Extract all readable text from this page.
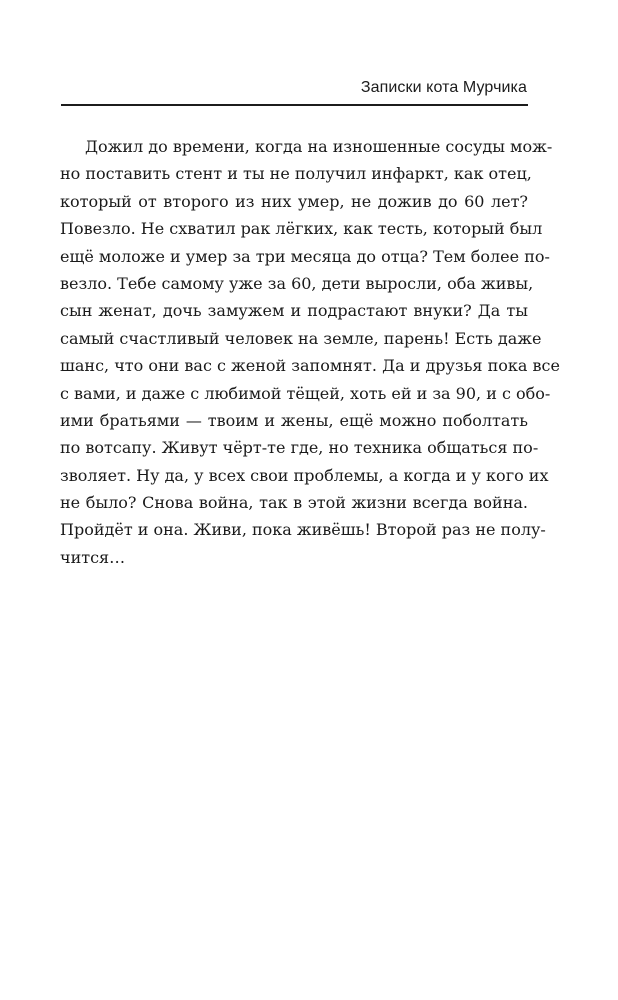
Записки кота Мурчика
Дожил до времени, когда на изношенные сосуды мож-
но поставить стент и ты не получил инфаркт, как отец,
который от второго из них умер, не дожив до 60 лет?
Повезло. Не схватил рак лёгких, как тесть, который был
ещё моложе и умер за три месяца до отца? Тем более по-
везло. Тебе самому уже за 60, дети выросли, оба живы,
сын женат, дочь замужем и подрастают внуки? Да ты
самый счастливый человек на земле, парень! Есть даже
шанс, что они вас с женой запомнят. Да и друзья пока все
с вами, и даже с любимой тёщей, хоть ей и за 90, и с обо-
ими братьями — твоим и жены, ещё можно поболтать
по вотсапу. Живут чёрт-те где, но техника общаться по-
зволяет. Ну да, у всех свои проблемы, а когда и у кого их
не было? Снова война, так в этой жизни всегда война.
Пройдёт и она. Живи, пока живёшь! Второй раз не полу-
чится…
